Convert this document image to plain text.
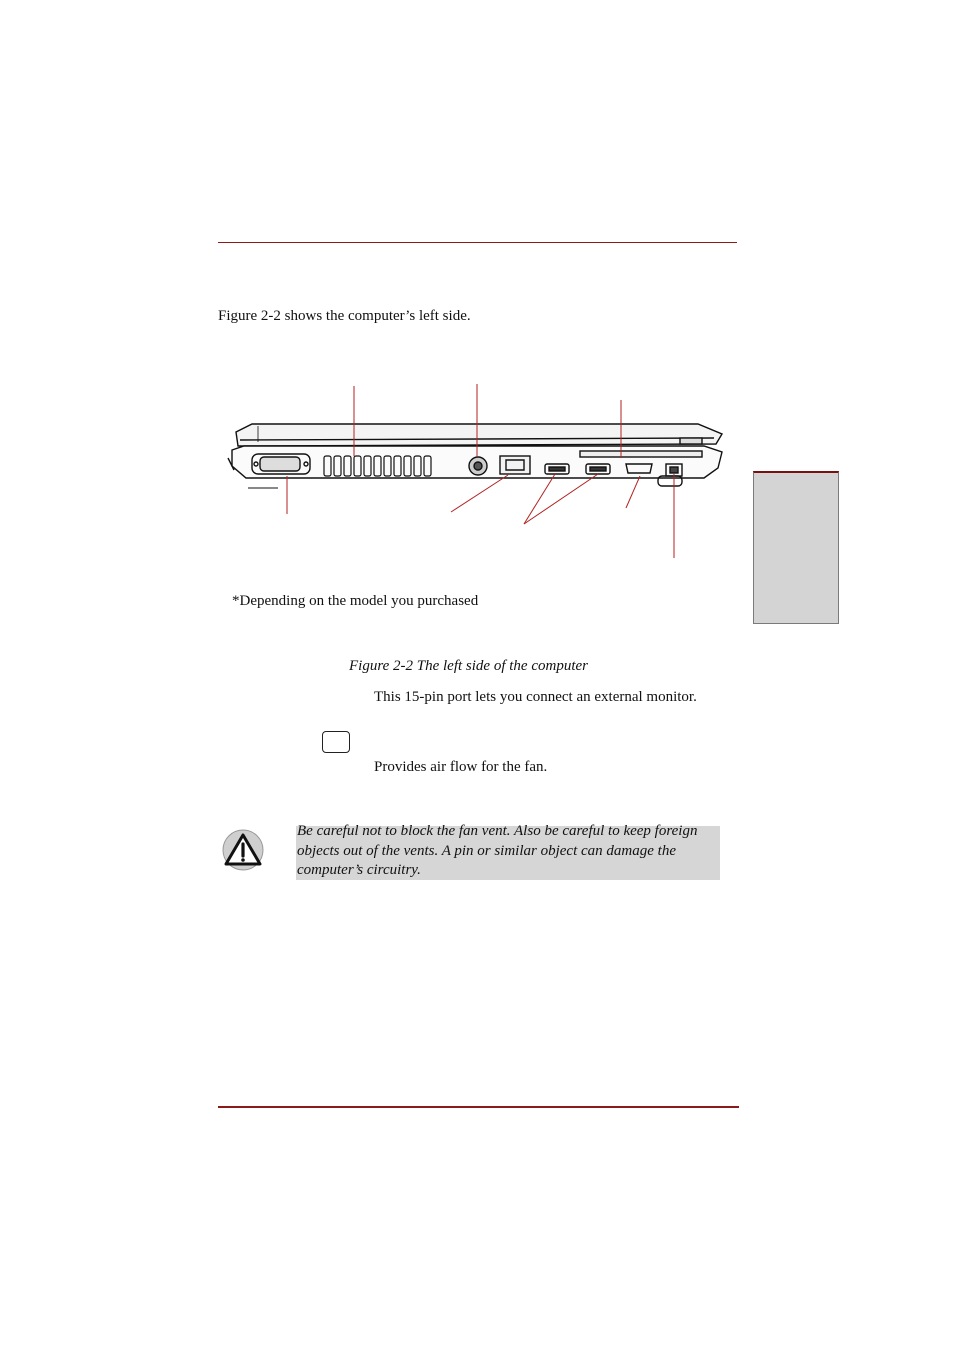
Figure 2-2 shows the computer’s left side.
*Depending on the model you purchased
Figure 2-2 The left side of the computer
This 15-pin port lets you connect an external monitor.
Provides air flow for the fan.
Be careful not to block the fan vent. Also be careful to keep foreign objects out of the vents. A pin or similar object can damage the computer’s circuitry.
